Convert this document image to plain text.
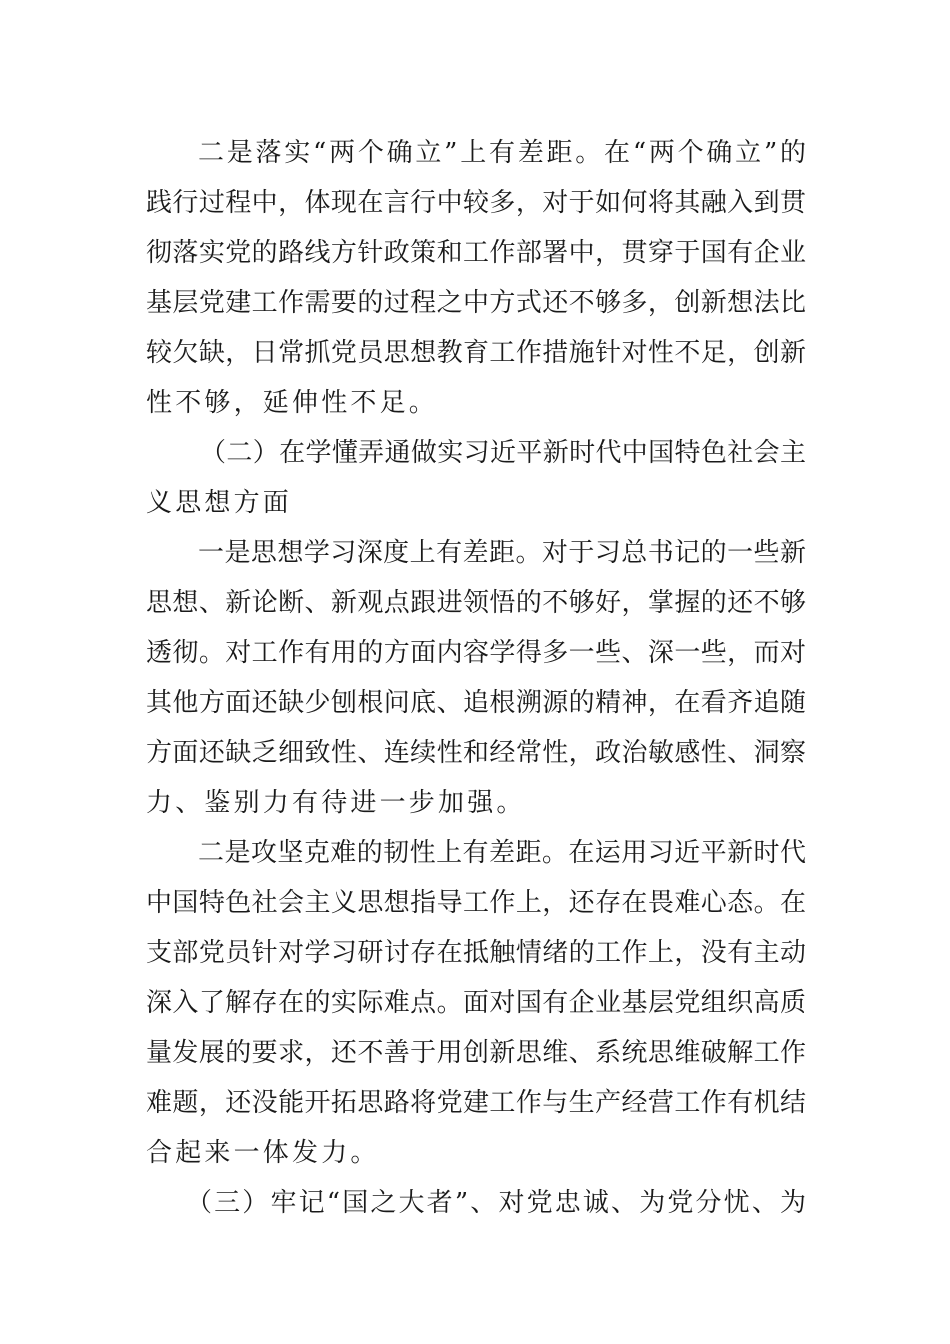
二是落实“两个确立”上有差距。在“两个确立”的
践行过程中，体现在言行中较多，对于如何将其融入到贯
彻落实党的路线方针政策和工作部署中，贯穿于国有企业
基层党建工作需要的过程之中方式还不够多，创新想法比
较欠缺，日常抓党员思想教育工作措施针对性不足，创新
性不够，延伸性不足。
（二）在学懂弄通做实习近平新时代中国特色社会主
义思想方面
一是思想学习深度上有差距。对于习总书记的一些新
思想、新论断、新观点跟进领悟的不够好，掌握的还不够
透彻。对工作有用的方面内容学得多一些、深一些，而对
其他方面还缺少刨根问底、追根溯源的精神，在看齐追随
方面还缺乏细致性、连续性和经常性，政治敏感性、洞察
力、鉴别力有待进一步加强。
二是攻坚克难的韧性上有差距。在运用习近平新时代
中国特色社会主义思想指导工作上，还存在畏难心态。在
支部党员针对学习研讨存在抵触情绪的工作上，没有主动
深入了解存在的实际难点。面对国有企业基层党组织高质
量发展的要求，还不善于用创新思维、系统思维破解工作
难题，还没能开拓思路将党建工作与生产经营工作有机结
合起来一体发力。
（三）牢记“国之大者”、对党忠诚、为党分忧、为
